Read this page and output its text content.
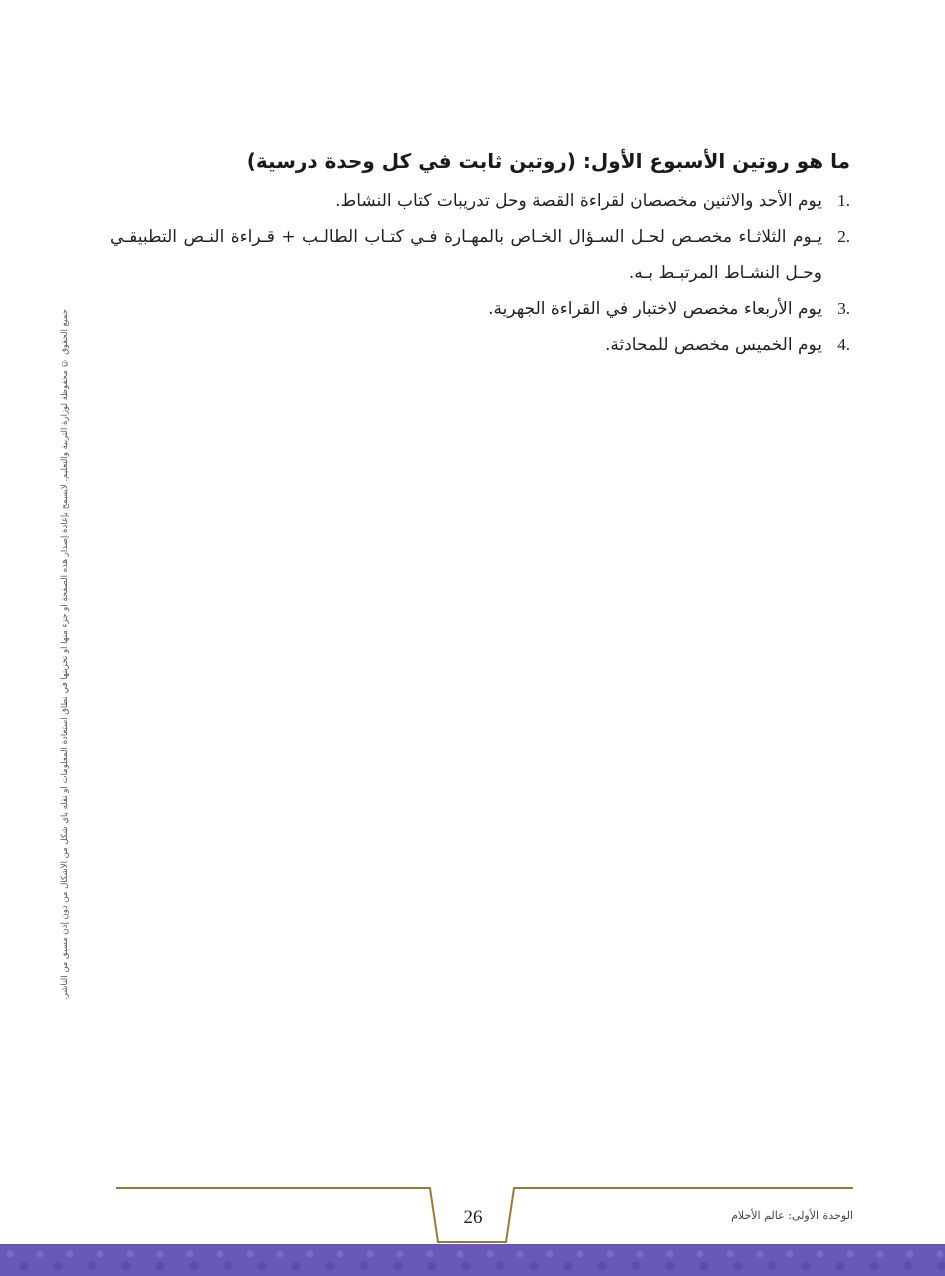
ما هو روتين الأسبوع الأول: (روتين ثابت في كل وحدة درسية)
1.
يوم الأحد والاثنين مخصصان لقراءة القصة وحل تدريبات كتاب النشاط.
2.
يـوم الثلاثـاء مخصـص لحـل السـؤال الخـاص بالمهـارة فـي كتـاب الطالـب + قـراءة النـص التطبيقـي وحـل النشـاط المرتبـط بـه.
3.
يوم الأربعاء مخصص لاختبار في القراءة الجهرية.
4.
يوم الخميس مخصص للمحادثة.
جميع الحقوق © محفوظة لوزارة التربية والتعليم. لايسمح بإعادة إصدار هذه الصفحة أو جزء منها أو تخزينها في نطاق استعادة المعلومات أو نقله بأي شكل من الأشكال من دون إذن مسبق من الناشر.
26	الوحدة الأولى: عالم الأحلام
